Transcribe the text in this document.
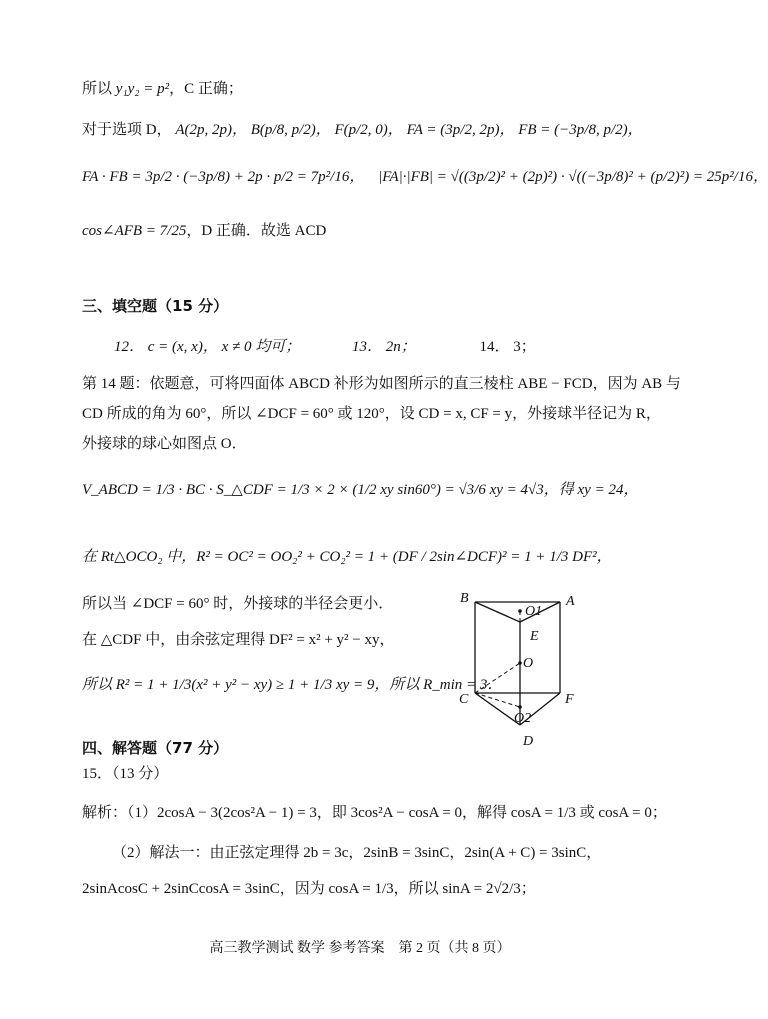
所以 y₁y₂ = p²，C 正确；
对于选项 D， A(2p, 2p)， B(p/8, p/2)， F(p/2, 0)， FA = (3p/2, 2p)， FB = (−3p/8, p/2)，
FA · FB = 3p/2 · (−3p/8) + 2p · p/2 = 7p²/16， |FA|·|FB| = √((3p/2)² + (2p)²) · √((−3p/8)² + (p/2)²) = 25p²/16，
cos∠AFB = 7/25，D 正确．故选 ACD
三、填空题（15 分）
12． c = (x, x)， x ≠ 0 均可；	13． 2n；	14． 3；
第 14 题：依题意，可将四面体 ABCD 补形为如图所示的直三棱柱 ABE − FCD，因为 AB 与
CD 所成的角为 60°，所以 ∠DCF = 60° 或 120°，设 CD = x, CF = y，外接球半径记为 R，
外接球的球心如图点 O．
V_ABCD = 1/3 · BC · S_△CDF = 1/3 × 2 × (1/2 xy sin60°) = √3/6 xy = 4√3，得 xy = 24，
在 Rt△OCO₂ 中，R² = OC² = OO₂² + CO₂² = 1 + (DF / 2sin∠DCF)² = 1 + 1/3 DF²，
所以当 ∠DCF = 60° 时，外接球的半径会更小．
在 △CDF 中，由余弦定理得 DF² = x² + y² − xy，
所以 R² = 1 + 1/3(x² + y² − xy) ≥ 1 + 1/3 xy = 9，所以 R_min = 3．
B	A
O1
E
O
C	F
O2
D
四、解答题（77 分）
15．（13 分）
解析：（1）2cosA − 3(2cos²A − 1) = 3，即 3cos²A − cosA = 0，解得 cosA = 1/3 或 cosA = 0；
（2）解法一：由正弦定理得 2b = 3c，2sinB = 3sinC，2sin(A + C) = 3sinC，
2sinAcosC + 2sinCcosA = 3sinC，因为 cosA = 1/3，所以 sinA = 2√2/3；
高三教学测试 数学 参考答案　第 2 页（共 8 页）
